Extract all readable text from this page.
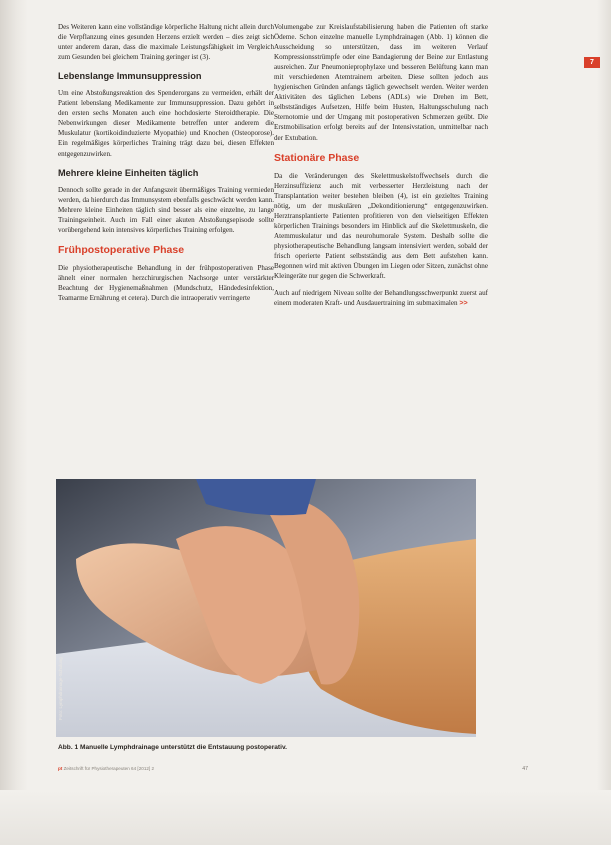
Des Weiteren kann eine vollständige körperliche Haltung nicht allein durch die Verpflanzung eines gesunden Herzens erzielt werden – dies zeigt sich unter anderem daran, dass die maximale Leistungsfähigkeit im Vergleich zum Gesunden bei gleichem Training geringer ist (3).

Lebenslange Immunsuppression

Um eine Abstoßungsreaktion des Spenderorgans zu vermeiden, erhält der Patient lebenslang Medikamente zur Immunsuppression. Dazu gehört in den ersten sechs Monaten auch eine hochdosierte Steroidtherapie. Die Nebenwirkungen dieser Medikamente betreffen unter anderem die Muskulatur (kortikoidinduzierte Myopathie) und Knochen (Osteoporose). Ein regelmäßiges körperliches Training trägt dazu bei, diesen Effekten entgegenzuwirken.

Mehrere kleine Einheiten täglich

Dennoch sollte gerade in der Anfangszeit übermäßiges Training vermieden werden, da hierdurch das Immunsystem ebenfalls geschwächt werden kann. Mehrere kleine Einheiten täglich sind besser als eine einzelne, zu lange Trainingseinheit. Auch im Fall einer akuten Abstoßungsepisode sollte vorübergehend kein intensives körperliches Training erfolgen.

Frühpostoperative Phase

Die physiotherapeutische Behandlung in der frühpostoperativen Phase ähnelt einer normalen herzchirurgischen Nachsorge unter verstärkter Beachtung der Hygienemaßnahmen (Mundschutz, Händedesinfektion, Teamarme Ernährung et cetera). Durch die intraoperativ verringerte

Volumengabe zur Kreislaufstabilisierung haben die Patienten oft starke Ödeme. Schon einzelne manuelle Lymphdrainagen (Abb. 1) können die Ausscheidung so unterstützen, dass im weiteren Verlauf Kompressionsstrümpfe oder eine Bandagierung der Beine zur Entlastung ausreichen. Zur Pneumonieprophylaxe und besseren Belüftung kann man mit verschiedenen Atemtrainern arbeiten. Diese sollten jedoch aus hygienischen Gründen anfangs täglich gewechselt werden. Weiter werden Aktivitäten des täglichen Lebens (ADLs) wie Drehen im Bett, selbstständiges Aufsetzen, Hilfe beim Husten, Haltungsschulung nach Sternotomie und der Umgang mit postoperativen Schmerzen geübt. Die Erstmobilisation erfolgt bereits auf der Intensivstation, unmittelbar nach der Extubation.

Stationäre Phase

Da die Veränderungen des Skelettmuskelstoffwechsels durch die Herzinsuffizienz auch mit verbesserter Herzleistung nach der Transplantation weiter bestehen bleiben (4), ist ein gezieltes Training nötig, um der muskulären „Dekonditionierung“ entgegenzuwirken. Herztransplantierte Patienten profitieren von den vielseitigen Effekten körperlichen Trainings besonders im Hinblick auf die Skelettmuskeln, die Atemmuskulatur und das neurohumorale System. Deshalb sollte die physiotherapeutische Behandlung langsam intensiviert werden, sobald der frisch operierte Patient selbstständig aus dem Bett aufstehen kann. Begonnen wird mit aktiven Übungen im Liegen oder Sitzen, zunächst ohne Kleingeräte nur gegen die Schwerkraft.

Auch auf niedrigem Niveau sollte der Behandlungsschwerpunkt zuerst auf einem moderaten Kraft- und Ausdauertraining im submaximalen >>

7
Foto: Lymphdrainage-Schulung
Abb. 1 Manuelle Lymphdrainage unterstützt die Entstauung postoperativ.
pt Zeitschrift für Physiotherapeuten 64 [2012] 2	47
